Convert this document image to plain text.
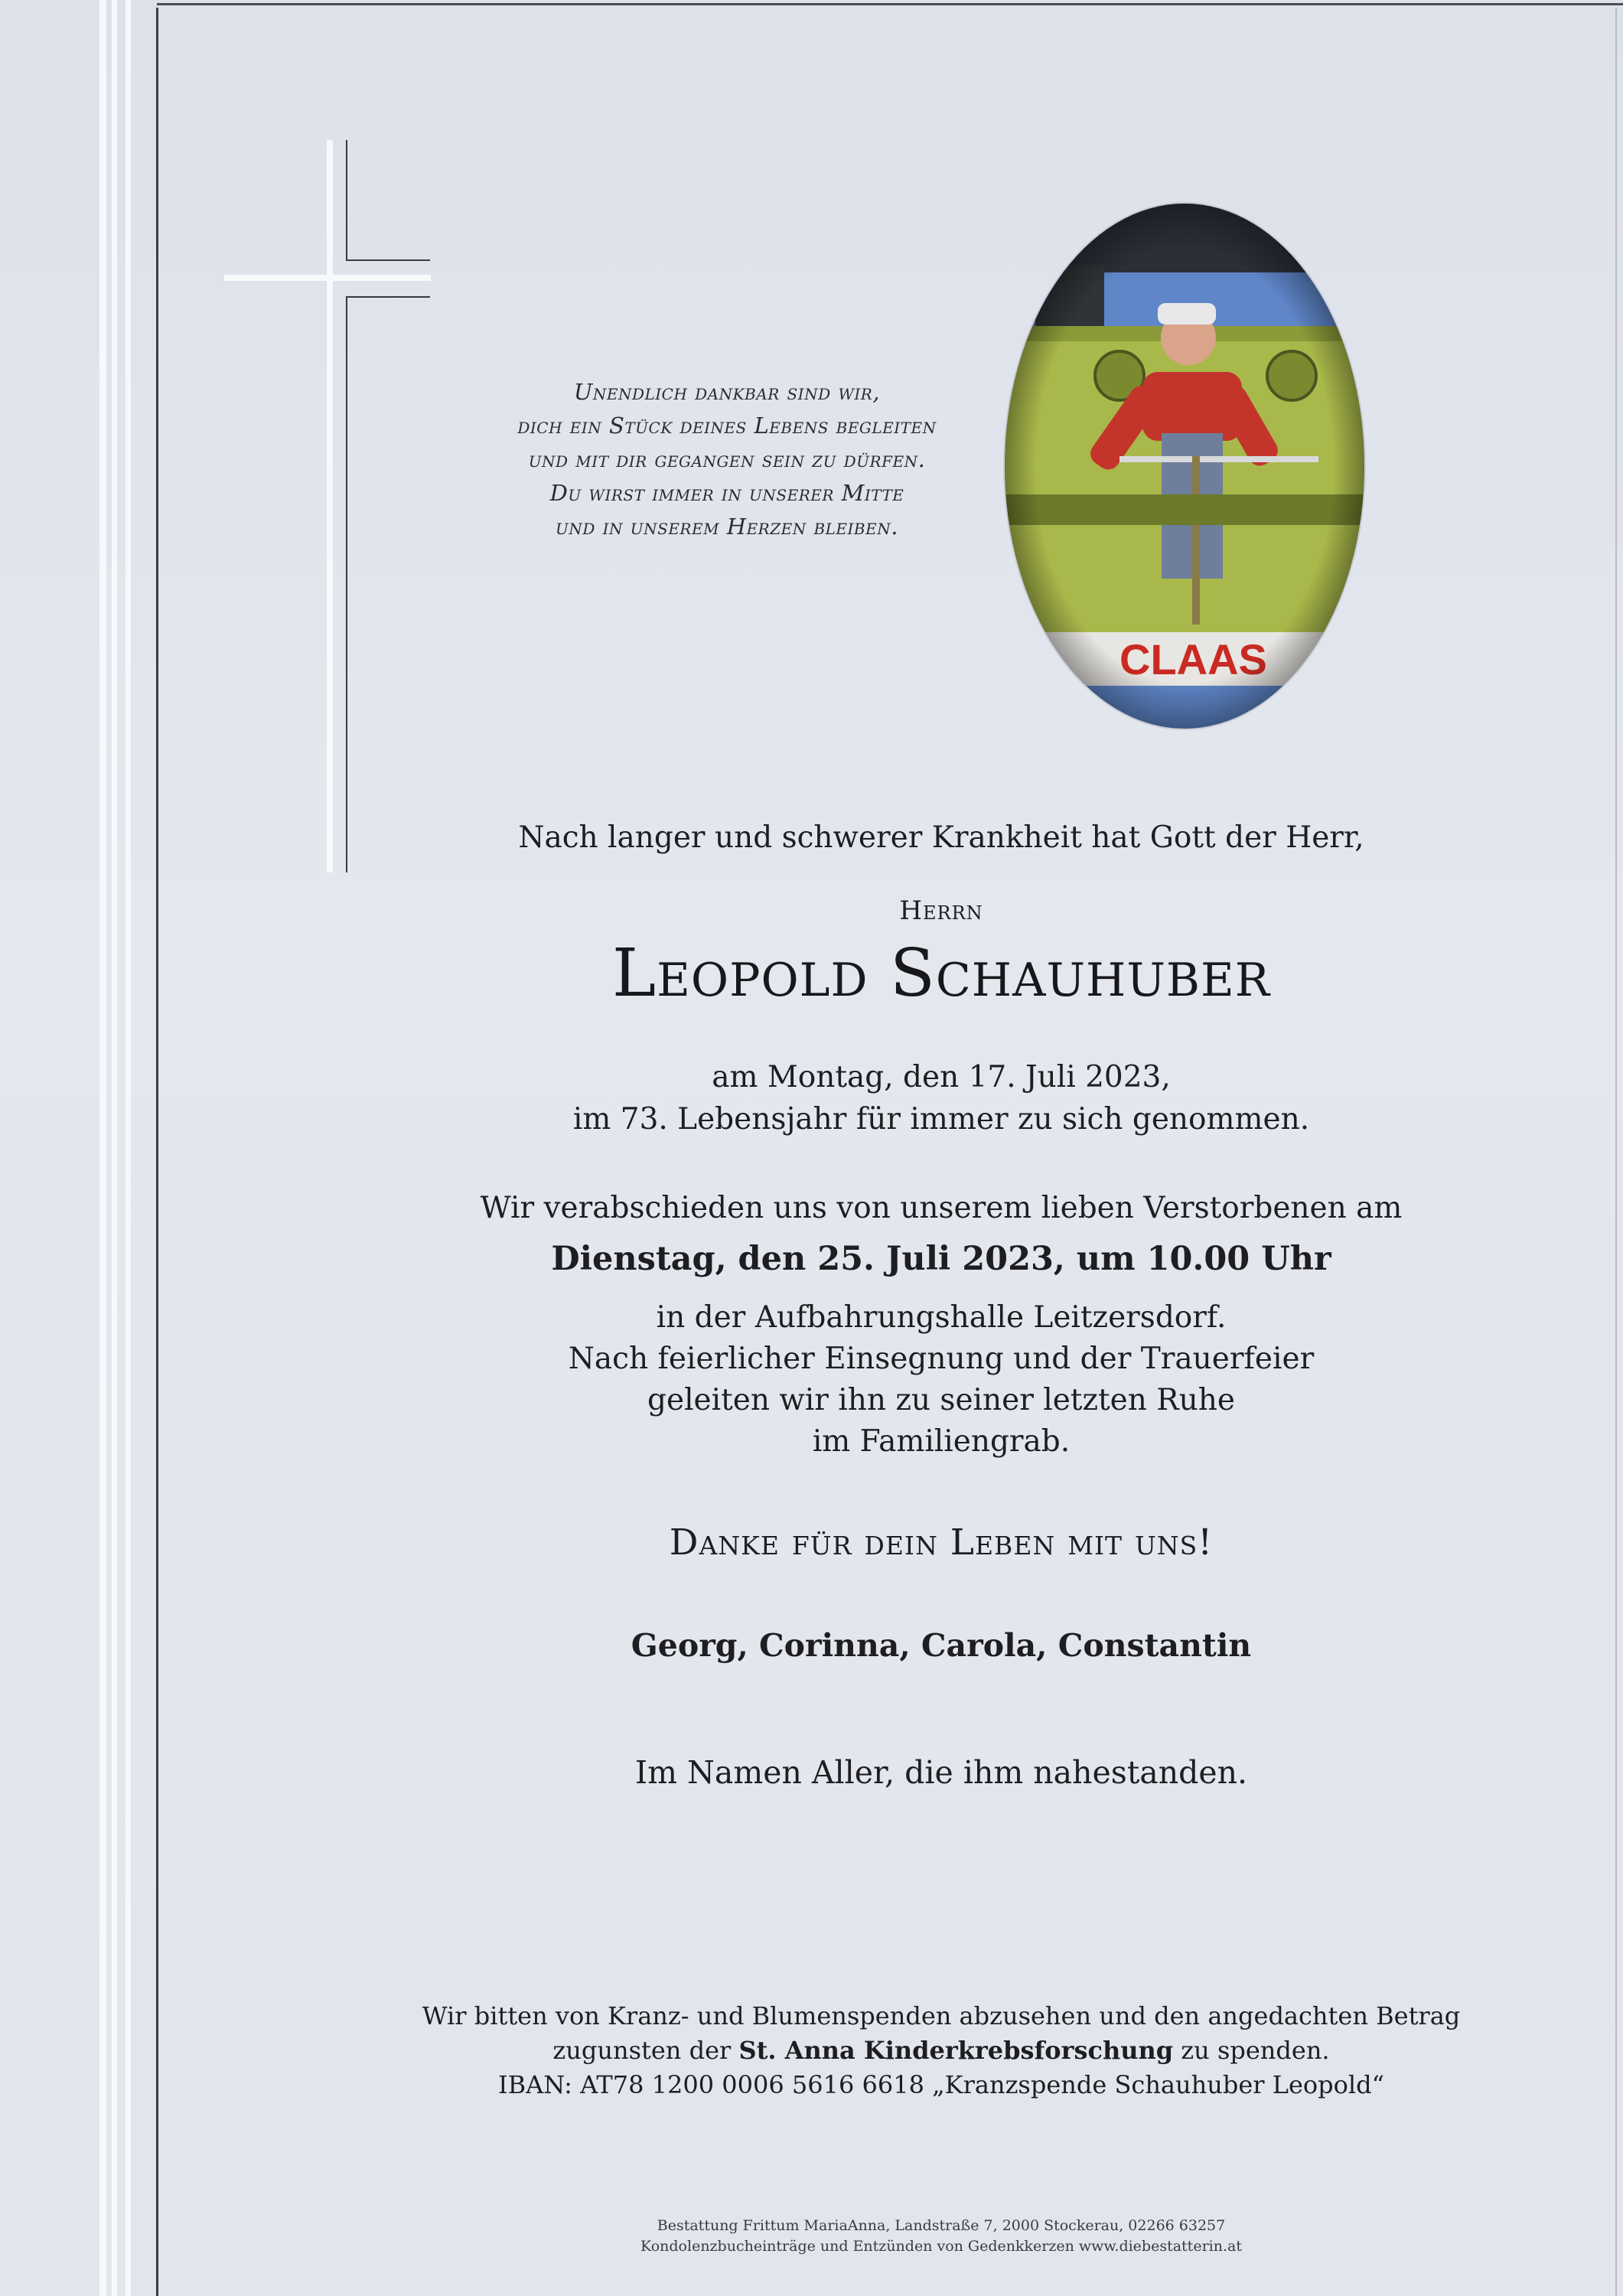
Unendlich dankbar sind wir,
dich ein Stück deines Lebens begleiten
und mit dir gegangen sein zu dürfen.
Du wirst immer in unserer Mitte
und in unserem Herzen bleiben.
Nach langer und schwerer Krankheit hat Gott der Herr,
Herrn
Leopold Schauhuber
am Montag, den 17. Juli 2023,
im 73. Lebensjahr für immer zu sich genommen.
Wir verabschieden uns von unserem lieben Verstorbenen am
Dienstag, den 25. Juli 2023, um 10.00 Uhr
in der Aufbahrungshalle Leitzersdorf.
Nach feierlicher Einsegnung und der Trauerfeier
geleiten wir ihn zu seiner letzten Ruhe
im Familiengrab.
Danke für dein Leben mit uns!
Georg, Corinna, Carola, Constantin
Im Namen Aller, die ihm nahestanden.
Wir bitten von Kranz- und Blumenspenden abzusehen und den angedachten Betrag
zugunsten der St. Anna Kinderkrebsforschung zu spenden.
IBAN: AT78 1200 0006 5616 6618 „Kranzspende Schauhuber Leopold“
Bestattung Frittum MariaAnna, Landstraße 7, 2000 Stockerau, 02266 63257
Kondolenzbucheinträge und Entzünden von Gedenkkerzen www.diebestatterin.at
